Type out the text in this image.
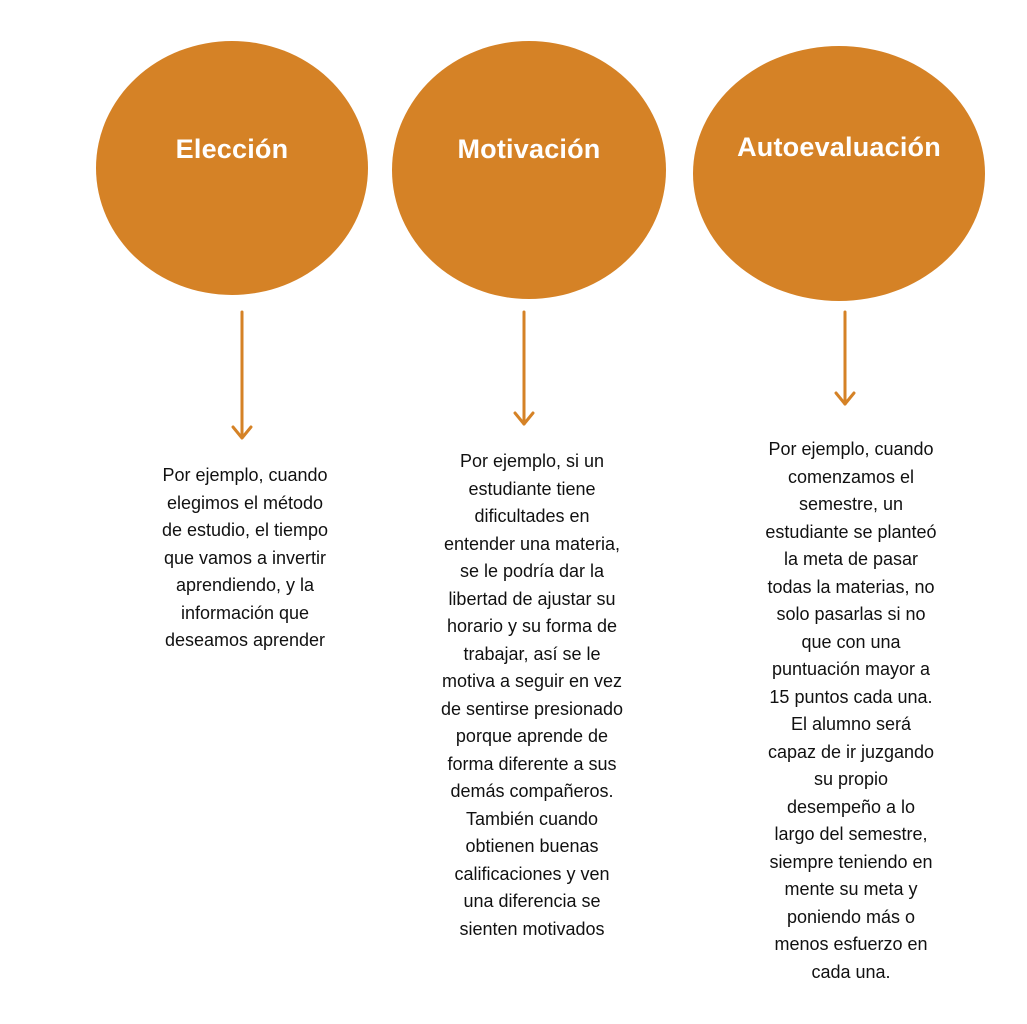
Elección	Motivación	Autoevaluación
Por ejemplo, cuando
elegimos el método
de estudio, el tiempo
que vamos a invertir
aprendiendo, y la
información que
deseamos aprender
Por ejemplo, si un
estudiante tiene
dificultades en
entender una materia,
se le podría dar la
libertad de ajustar su
horario y su forma de
trabajar, así se le
motiva a seguir en vez
de sentirse presionado
porque aprende de
forma diferente a sus
demás compañeros.
También cuando
obtienen buenas
calificaciones y ven
una diferencia se
sienten motivados
Por ejemplo, cuando
comenzamos el
semestre, un
estudiante se planteó
la meta de pasar
todas la materias, no
solo pasarlas si no
que con una
puntuación mayor a
15 puntos cada una.
El alumno será
capaz de ir juzgando
su propio
desempeño a lo
largo del semestre,
siempre teniendo en
mente su meta y
poniendo más o
menos esfuerzo en
cada una.
